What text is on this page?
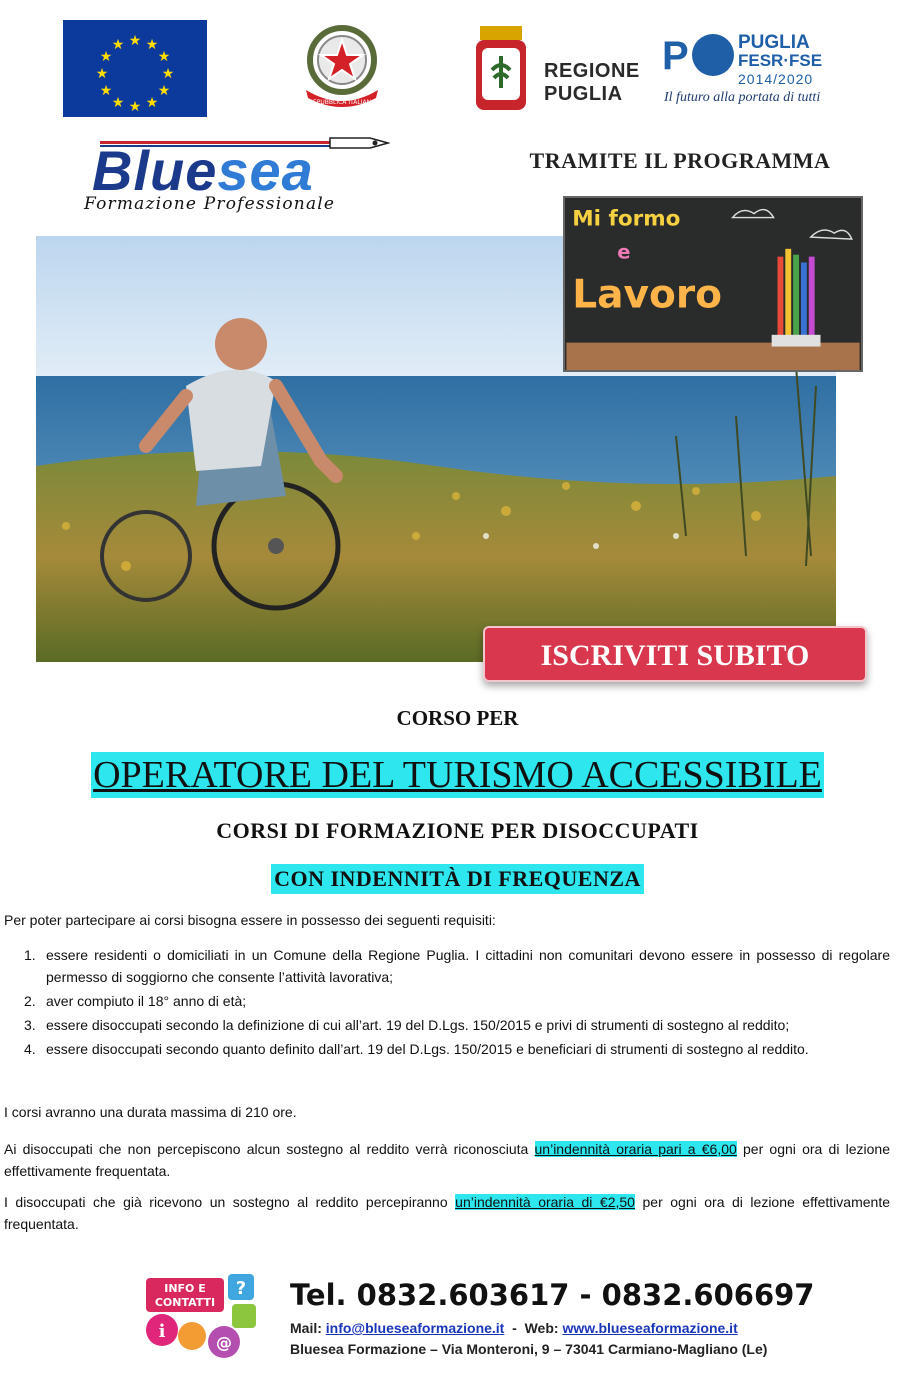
★ ★
★
★
★
★
★
★
★
★
★
★
REPUBBLICA ITALIANA
REGIONE
PUGLIA
P	PUGLIA
FESR·FSE
2014/2020
Il futuro alla portata di tutti
Bluesea
Formazione Professionale
TRAMITE IL PROGRAMMA
Mi formo
e
Lavoro
ISCRIVITI SUBITO
CORSO PER
OPERATORE DEL TURISMO ACCESSIBILE
CORSI DI FORMAZIONE PER DISOCCUPATI
CON INDENNITÀ DI FREQUENZA
Per poter partecipare ai corsi bisogna essere in possesso dei seguenti requisiti:
1. essere residenti o domiciliati in un Comune della Regione Puglia. I cittadini non comunitari devono essere in possesso di regolare permesso di soggiorno che consente l’attività lavorativa;
2. aver compiuto il 18° anno di età;
3. essere disoccupati secondo la definizione di cui all’art. 19 del D.Lgs. 150/2015 e privi di strumenti di sostegno al reddito;
4. essere disoccupati secondo quanto definito dall’art. 19 del D.Lgs. 150/2015 e beneficiari di strumenti di sostegno al reddito.
I corsi avranno una durata massima di 210 ore.
Ai disoccupati che non percepiscono alcun sostegno al reddito verrà riconosciuta un’indennità oraria pari a €6,00 per ogni ora di lezione effettivamente frequentata.
I disoccupati che già ricevono un sostegno al reddito percepiranno un’indennità oraria di €2,50 per ogni ora di lezione effettivamente frequentata.
INFO E
CONTATTI
?
i
@
Tel. 0832.603617 - 0832.606697
Mail: info@blueseaformazione.it  -  Web: www.blueseaformazione.it
Bluesea Formazione – Via Monteroni, 9 – 73041 Carmiano-Magliano (Le)
